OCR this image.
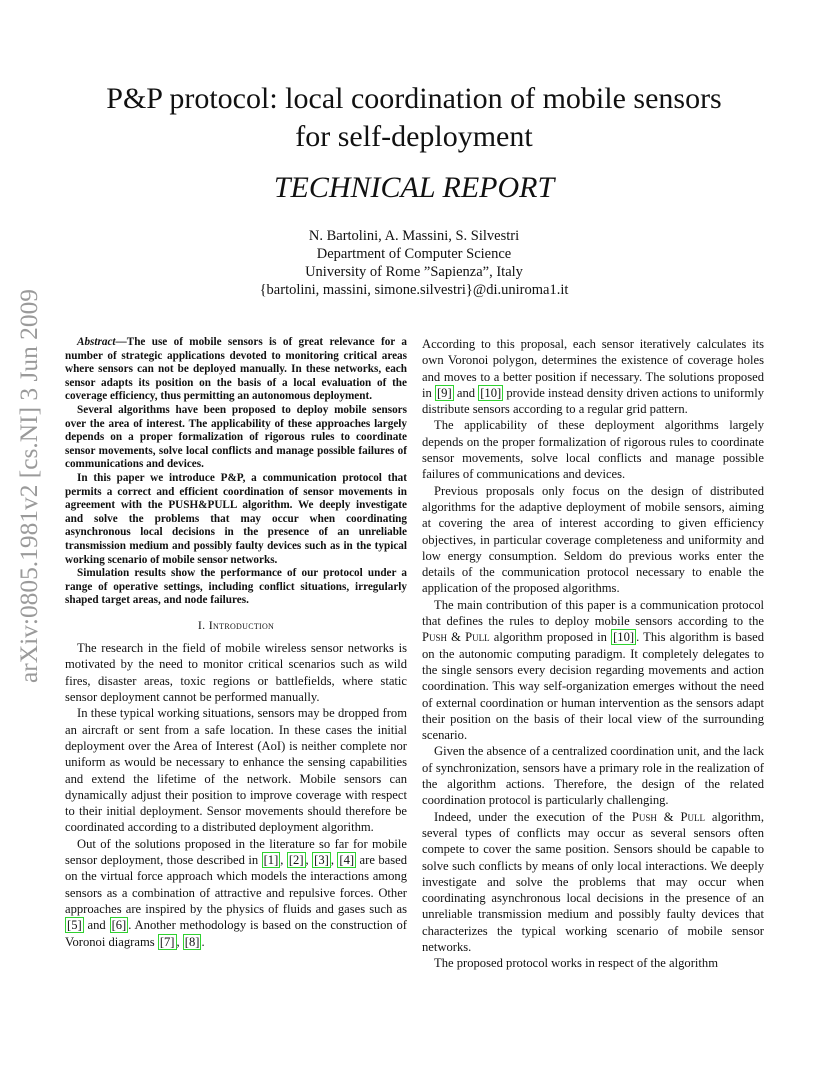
arXiv:0805.1981v2 [cs.NI] 3 Jun 2009
P&P protocol: local coordination of mobile sensors
for self-deployment
TECHNICAL REPORT
N. Bartolini, A. Massini, S. Silvestri
Department of Computer Science
University of Rome ”Sapienza”, Italy
{bartolini, massini, simone.silvestri}@di.uniroma1.it

Abstract—The use of mobile sensors is of great relevance for a number of strategic applications devoted to monitoring critical areas where sensors can not be deployed manually. In these networks, each sensor adapts its position on the basis of a local evaluation of the coverage efficiency, thus permitting an autonomous deployment.

Several algorithms have been proposed to deploy mobile sensors over the area of interest. The applicability of these approaches largely depends on a proper formalization of rigorous rules to coordinate sensor movements, solve local conflicts and manage possible failures of communications and devices.

In this paper we introduce P&P, a communication protocol that permits a correct and efficient coordination of sensor movements in agreement with the PUSH&PULL algorithm. We deeply investigate and solve the problems that may occur when coordinating asynchronous local decisions in the presence of an unreliable transmission medium and possibly faulty devices such as in the typical working scenario of mobile sensor networks.

Simulation results show the performance of our protocol under a range of operative settings, including conflict situations, irregularly shaped target areas, and node failures.

I. Introduction

The research in the field of mobile wireless sensor networks is motivated by the need to monitor critical scenarios such as wild fires, disaster areas, toxic regions or battlefields, where static sensor deployment cannot be performed manually.

In these typical working situations, sensors may be dropped from an aircraft or sent from a safe location. In these cases the initial deployment over the Area of Interest (AoI) is neither complete nor uniform as would be necessary to enhance the sensing capabilities and extend the lifetime of the network. Mobile sensors can dynamically adjust their position to improve coverage with respect to their initial deployment. Sensor movements should therefore be coordinated according to a distributed deployment algorithm.

Out of the solutions proposed in the literature so far for mobile sensor deployment, those described in [1] , [2] , [3] , [4] are based on the virtual force approach which models the interactions among sensors as a combination of attractive and repulsive forces. Other approaches are inspired by the physics of fluids and gases such as [5] and [6] . Another methodology is based on the construction of Voronoi diagrams [7] , [8] .

According to this proposal, each sensor iteratively calculates its own Voronoi polygon, determines the existence of coverage holes and moves to a better position if necessary. The solutions proposed in [9] and [10] provide instead density driven actions to uniformly distribute sensors according to a regular grid pattern.

The applicability of these deployment algorithms largely depends on the proper formalization of rigorous rules to coordinate sensor movements, solve local conflicts and manage possible failures of communications and devices.

Previous proposals only focus on the design of distributed algorithms for the adaptive deployment of mobile sensors, aiming at covering the area of interest according to given efficiency objectives, in particular coverage completeness and uniformity and low energy consumption. Seldom do previous works enter the details of the communication protocol necessary to enable the application of the proposed algorithms.

The main contribution of this paper is a communication protocol that defines the rules to deploy mobile sensors according to the Push & Pull algorithm proposed in [10] . This algorithm is based on the autonomic computing paradigm. It completely delegates to the single sensors every decision regarding movements and action coordination. This way self-organization emerges without the need of external coordination or human intervention as the sensors adapt their position on the basis of their local view of the surrounding scenario.

Given the absence of a centralized coordination unit, and the lack of synchronization, sensors have a primary role in the realization of the algorithm actions. Therefore, the design of the related coordination protocol is particularly challenging.

Indeed, under the execution of the Push & Pull algorithm, several types of conflicts may occur as several sensors often compete to cover the same position. Sensors should be capable to solve such conflicts by means of only local interactions. We deeply investigate and solve the problems that may occur when coordinating asynchronous local decisions in the presence of an unreliable transmission medium and possibly faulty devices that characterizes the typical working scenario of mobile sensor networks.

The proposed protocol works in respect of the algorithm
